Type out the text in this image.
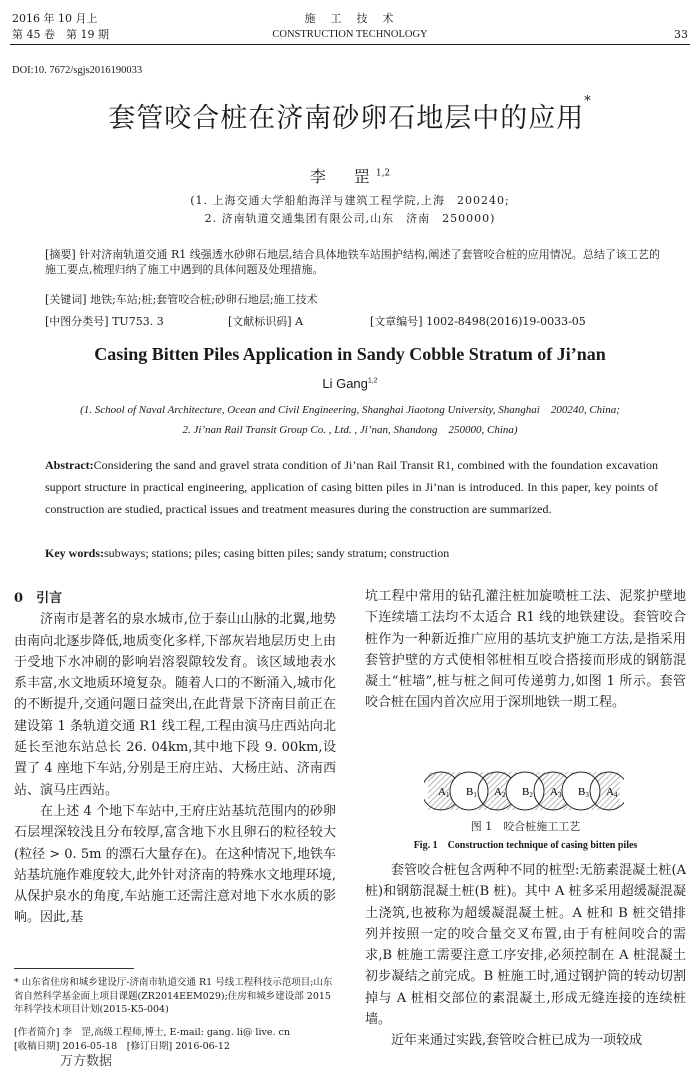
2016 年 10 月上
第 45 卷　第 19 期
施　工　技　术
CONSTRUCTION TECHNOLOGY	33
DOI:10. 7672/sgjs2016190033
套管咬合桩在济南砂卵石地层中的应用*
李　罡$^{1,2}$
(1. 上海交通大学船舶海洋与建筑工程学院,上海　200240;
2. 济南轨道交通集团有限公司,山东　济南　250000)
[摘要] 针对济南轨道交通 R1 线强透水砂卵石地层,结合具体地铁车站围护结构,阐述了套管咬合桩的应用情况。总结了该工艺的施工要点,梳理归纳了施工中遇到的具体问题及处理措施。
[关键词] 地铁;车站;桩;套管咬合桩;砂卵石地层;施工技术
[中图分类号] TU753. 3	[文献标识码] A	[文章编号] 1002-8498(2016)19-0033-05
Casing Bitten Piles Application in Sandy Cobble Stratum of Ji’nan
Li Gang$^{1,2}$
(1. School of Naval Architecture, Ocean and Civil Engineering, Shanghai Jiaotong University, Shanghai　200240, China;
2. Ji’nan Rail Transit Group Co. , Ltd. , Ji’nan, Shandong　250000, China)
Abstract:Considering the sand and gravel strata condition of Ji’nan Rail Transit R1, combined with the foundation excavation support structure in practical engineering, application of casing bitten piles in Ji’nan is introduced. In this paper, key points of construction are studied, practical issues and treatment measures during the construction are summarized.
Key words:subways; stations; piles; casing bitten piles; sandy stratum; construction
0　 引言

济南市是著名的泉水城市,位于泰山山脉的北翼,地势由南向北逐步降低,地质变化多样,下部灰岩地层历史上由于受地下水冲刷的影响岩溶裂隙较发育。该区域地表水系丰富,水文地质环境复杂。随着人口的不断涌入,城市化的不断提升,交通问题日益突出,在此背景下济南目前正在建设第 1 条轨道交通 R1 线工程,工程由演马庄西站向北延长至池东站总长 26. 04km,其中地下段 9. 00km,设置了 4 座地下车站,分别是王府庄站、大杨庄站、济南西站、演马庄西站。

在上述 4 个地下车站中,王府庄站基坑范围内的砂卵石层埋深较浅且分布较厚,富含地下水且卵石的粒径较大(粒径 > 0. 5m 的漂石大量存在)。在这种情况下,地铁车站基坑施作难度较大,此外针对济南的特殊水文地理环境,从保护泉水的角度,车站施工还需注意对地下水水质的影响。因此,基

* 山东省住房和城乡建设厅-济南市轨道交通 R1 号线工程科技示范项目;山东省自然科学基金面上项目课题(ZR2014EEM029);住房和城乡建设部 2015 年科学技术项目计划(2015-K5-004)
[作者简介] 李　罡,高级工程师,博士, E-mail: gang. li@ live. cn
[收稿日期] 2016-05-18　 [修订日期] 2016-06-12
万方数据

坑工程中常用的钻孔灌注桩加旋喷桩工法、泥浆护壁地下连续墙工法均不太适合 R1 线的地铁建设。套管咬合桩作为一种新近推广应用的基坑支护施工方法,是指采用套管护壁的方式使相邻桩相互咬合搭接而形成的钢筋混凝土“桩墙”,桩与桩之间可传递剪力,如图 1 所示。套管咬合桩在国内首次应用于深圳地铁一期工程。

A1 B1 A2 B2 A3 B3 A4
图 1　咬合桩施工工艺
Fig. 1　Construction technique of casing bitten piles

套管咬合桩包含两种不同的桩型:无筋素混凝土桩(A 桩)和钢筋混凝土桩(B 桩)。其中 A 桩多采用超缓凝混凝土浇筑,也被称为超缓凝混凝土桩。A 桩和 B 桩交错排列并按照一定的咬合量交叉布置,由于有桩间咬合的需求,B 桩施工需要注意工序安排,必须控制在 A 桩混凝土初步凝结之前完成。B 桩施工时,通过钢护筒的转动切割掉与 A 桩相交部位的素混凝土,形成无缝连接的连续桩墙。

近年来通过实践,套管咬合桩已成为一项较成
